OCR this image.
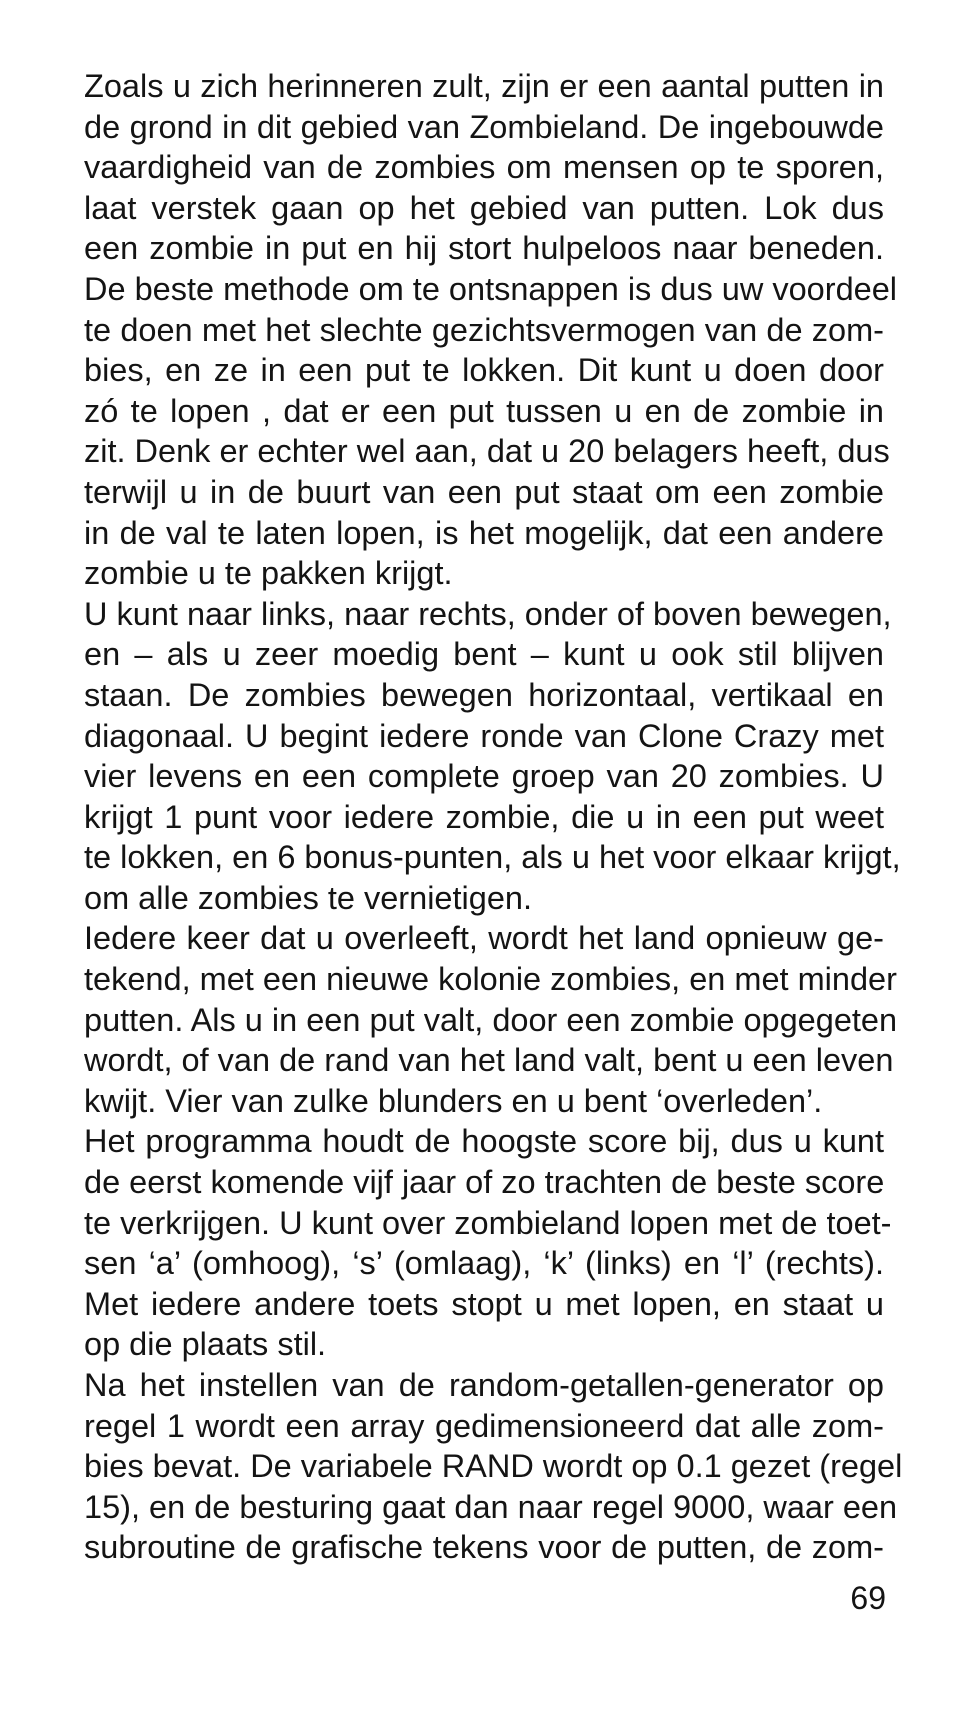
Zoals u zich herinneren zult, zijn er een aantal putten in
de grond in dit gebied van Zombieland. De ingebouwde
vaardigheid van de zombies om mensen op te sporen,
laat verstek gaan op het gebied van putten. Lok dus
een zombie in put en hij stort hulpeloos naar beneden.
De beste methode om te ontsnappen is dus uw voordeel
te doen met het slechte gezichtsvermogen van de zom-
bies, en ze in een put te lokken. Dit kunt u doen door
zó te lopen , dat er een put tussen u en de zombie in
zit. Denk er echter wel aan, dat u 20 belagers heeft, dus
terwijl u in de buurt van een put staat om een zombie
in de val te laten lopen, is het mogelijk, dat een andere
zombie u te pakken krijgt.
U kunt naar links, naar rechts, onder of boven bewegen,
en – als u zeer moedig bent – kunt u ook stil blijven
staan. De zombies bewegen horizontaal, vertikaal en
diagonaal. U begint iedere ronde van Clone Crazy met
vier levens en een complete groep van 20 zombies. U
krijgt 1 punt voor iedere zombie, die u in een put weet
te lokken, en 6 bonus-punten, als u het voor elkaar krijgt,
om alle zombies te vernietigen.
Iedere keer dat u overleeft, wordt het land opnieuw ge-
tekend, met een nieuwe kolonie zombies, en met minder
putten. Als u in een put valt, door een zombie opgegeten
wordt, of van de rand van het land valt, bent u een leven
kwijt. Vier van zulke blunders en u bent ‘overleden’.
Het programma houdt de hoogste score bij, dus u kunt
de eerst komende vijf jaar of zo trachten de beste score
te verkrijgen. U kunt over zombieland lopen met de toet-
sen ‘a’ (omhoog), ‘s’ (omlaag), ‘k’ (links) en ‘l’ (rechts).
Met iedere andere toets stopt u met lopen, en staat u
op die plaats stil.
Na het instellen van de random-getallen-generator op
regel 1 wordt een array gedimensioneerd dat alle zom-
bies bevat. De variabele RAND wordt op 0.1 gezet (regel
15), en de besturing gaat dan naar regel 9000, waar een
subroutine de grafische tekens voor de putten, de zom-
69
